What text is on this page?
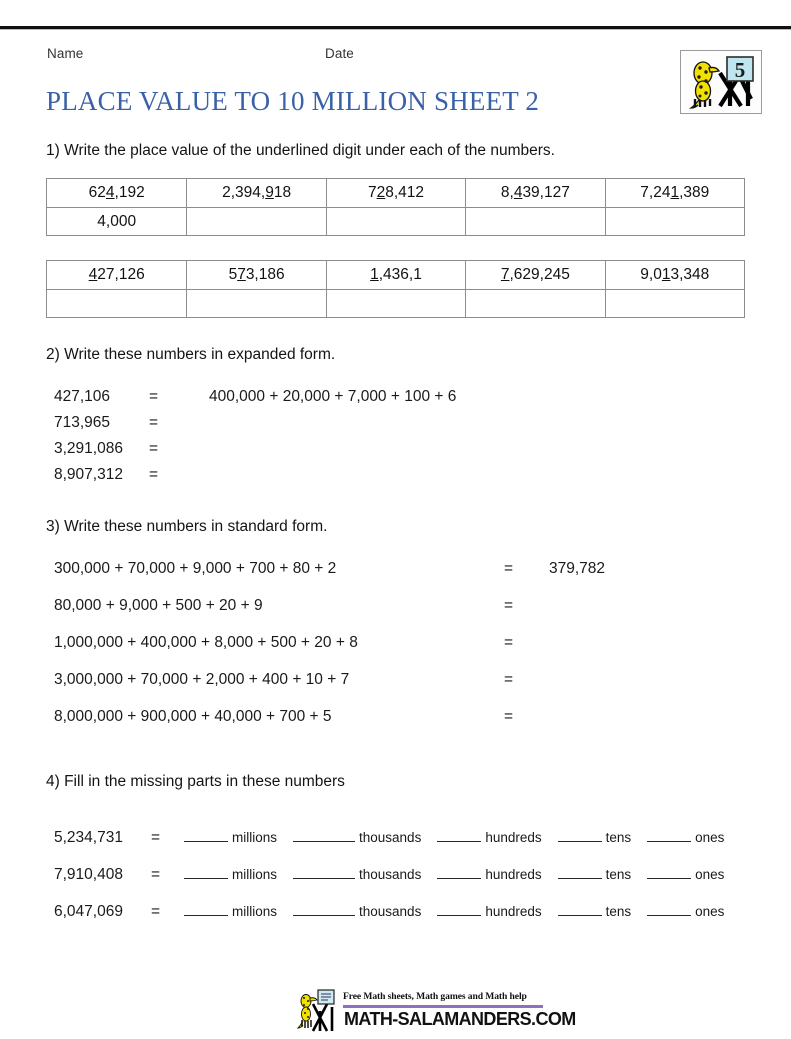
Name	Date
5
PLACE VALUE TO 10 MILLION SHEET 2
1) Write the place value of the underlined digit under each of the numbers.
624,192	2,394,918	728,412	8,439,127	7,241,389
4,000				
427,126	573,186	1,436,1	7,629,245	9,013,348

2) Write these numbers in expanded form.
427,106	=	400,000 + 20,000 + 7,000 + 100 + 6
713,965	=
3,291,086 =
8,907,312 =
3) Write these numbers in standard form.
300,000 + 70,000 + 9,000 + 700 + 80 + 2	= 379,782
80,000 + 9,000 + 500 + 20 + 9	=
1,000,000 + 400,000 + 8,000 + 500 + 20 + 8	=
3,000,000 + 70,000 + 2,000 + 400 + 10 + 7	=
8,000,000 + 900,000 + 40,000 + 700 + 5	=
4) Fill in the missing parts in these numbers
5,234,731 =	millions	thousands	hundreds	tens	ones
7,910,408 =	millions	thousands	hundreds	tens	ones
6,047,069 =	millions	thousands	hundreds	tens	ones
Free Math sheets, Math games and Math help
MATH-SALAMANDERS.COM
